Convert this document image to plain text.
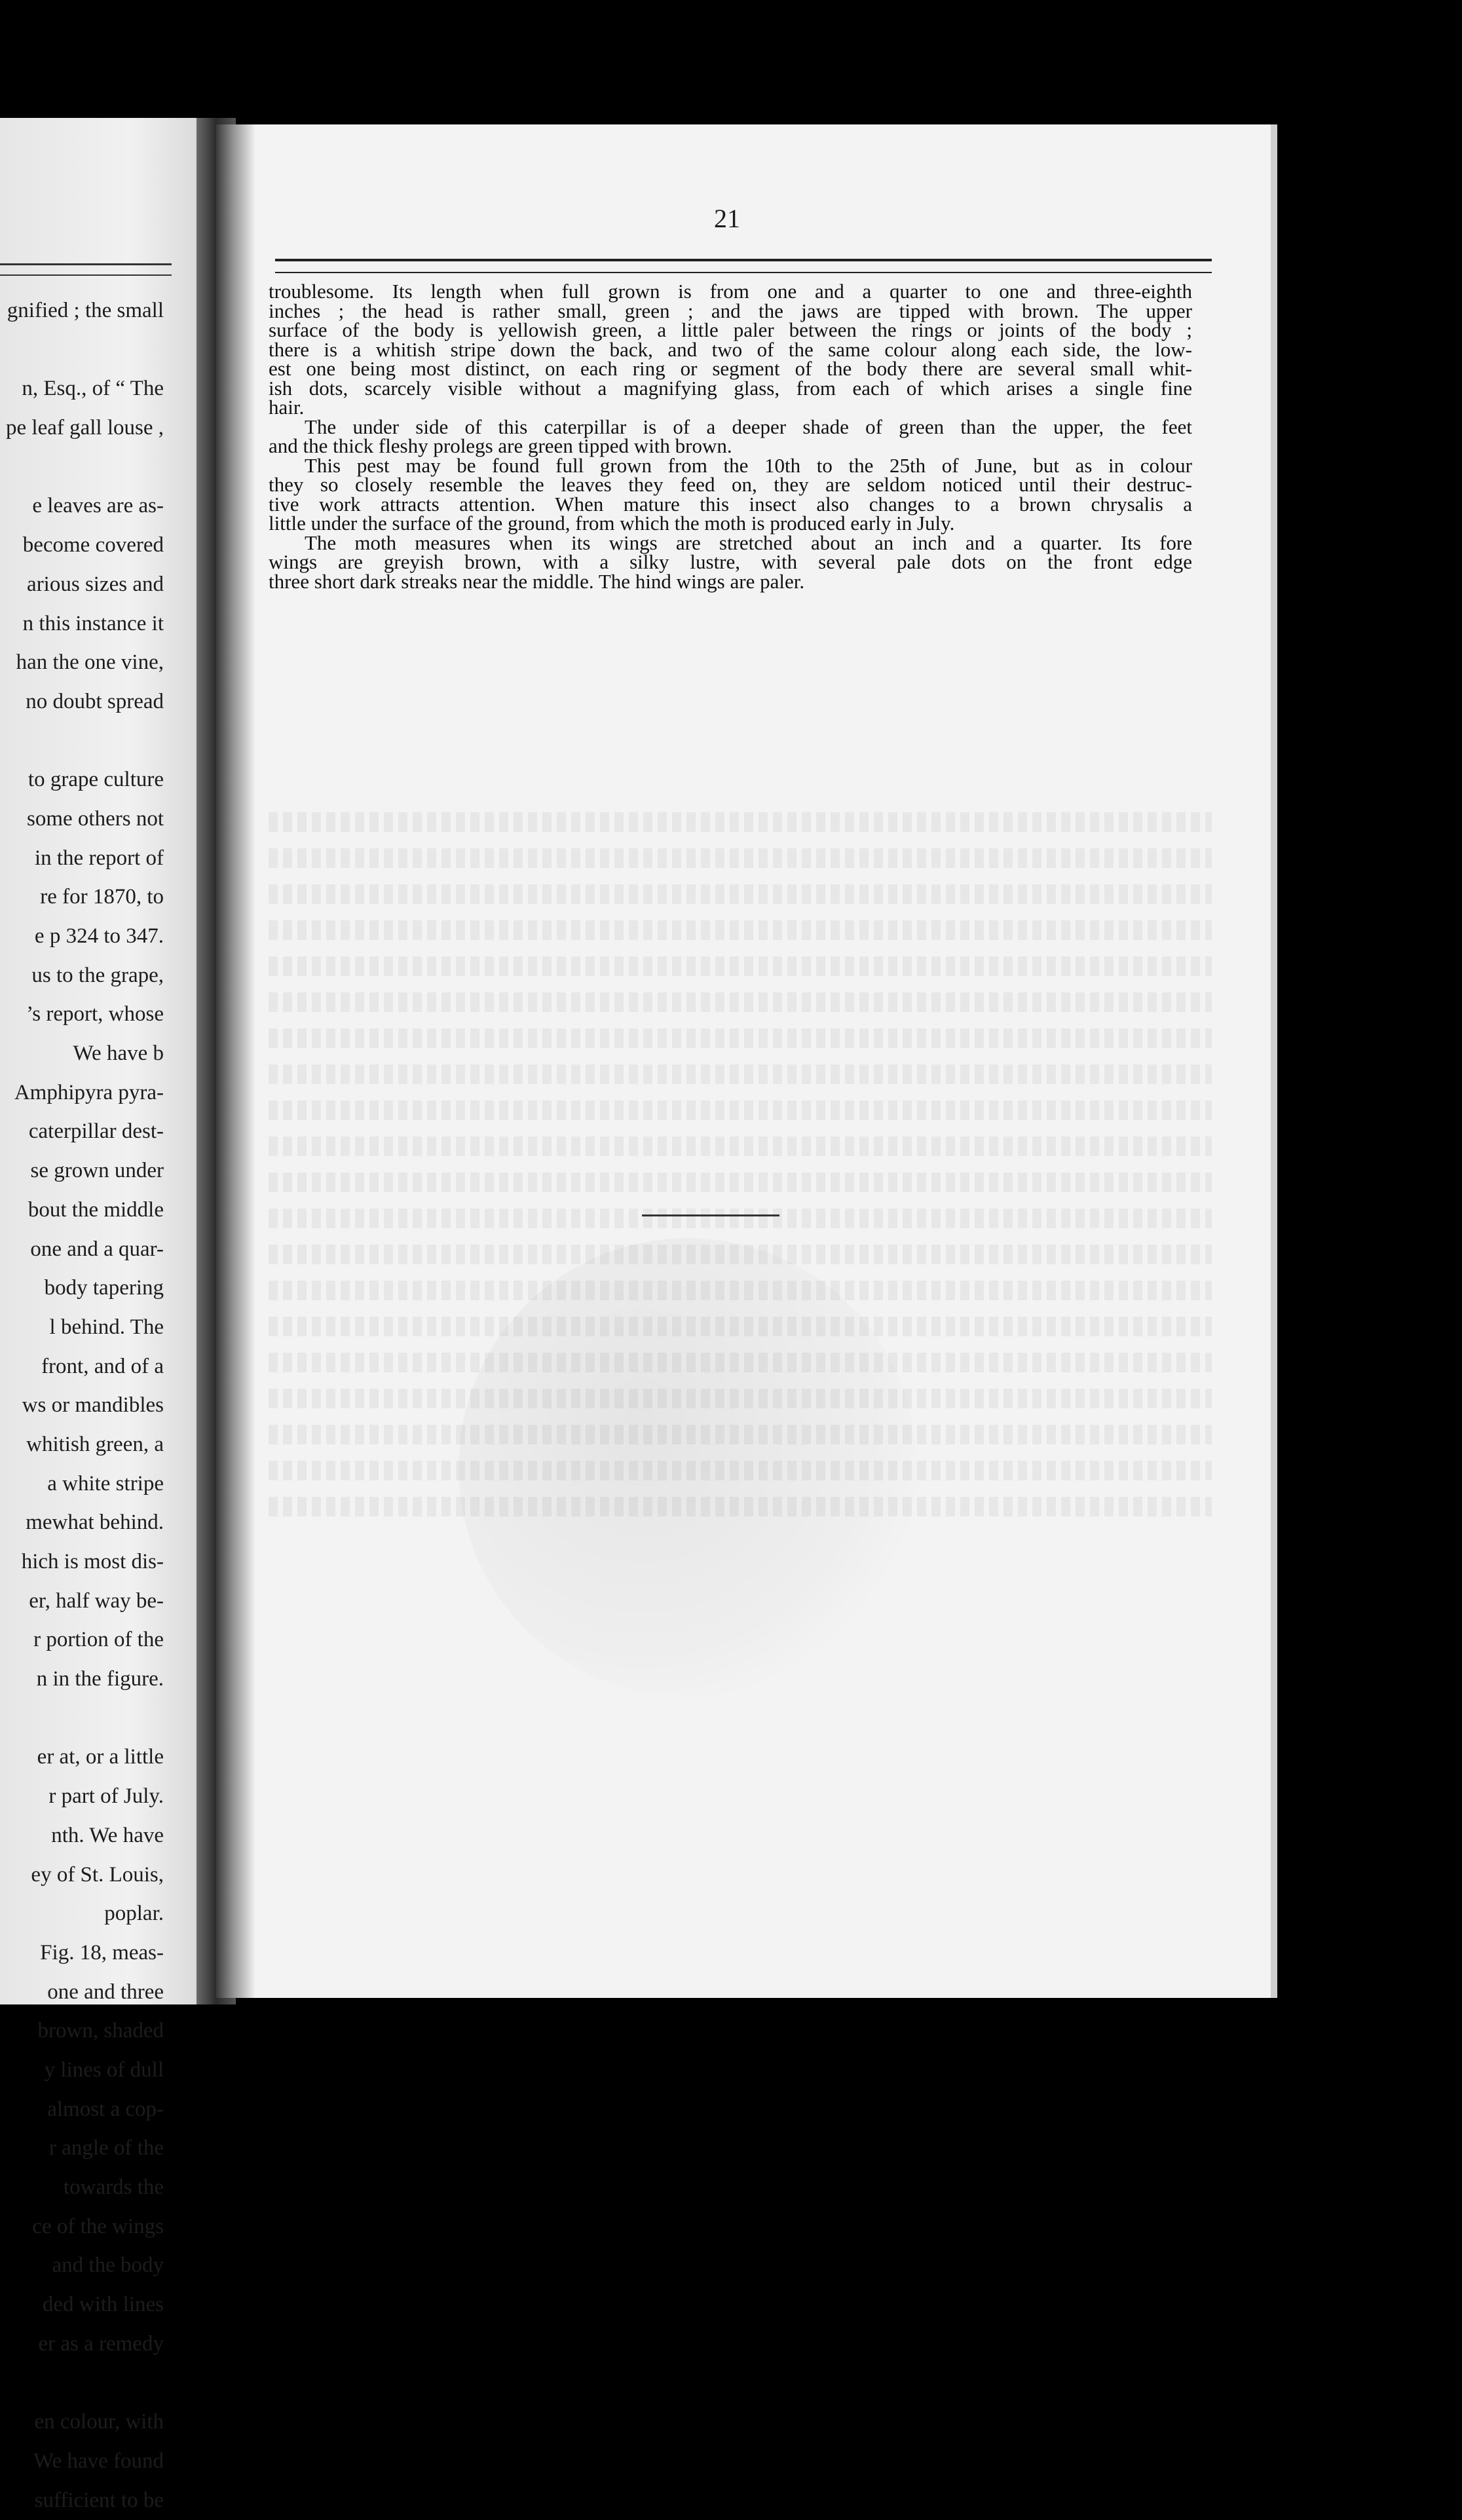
gnified ; the small
n, Esq., of “ The
pe leaf gall louse ,
e leaves are as-
become covered
arious sizes and
n this instance it
han the one vine,
no doubt spread
to grape culture
some others not
in the report of
re for 1870, to
e p 324 to 347.
us to the grape,
’s report, whose
We have b
Amphipyra pyra-
caterpillar dest-
se grown under
bout the middle
one and a quar-
body tapering
l behind. The
front, and of a
ws or mandibles
whitish green, a
a white stripe
mewhat behind.
hich is most dis-
er, half way be-
r portion of the
n in the figure.
er at, or a little
r part of July.
nth. We have
ey of St. Louis,
poplar.
Fig. 18, meas-
one and three
brown, shaded
y lines of dull
almost a cop-
r angle of the
towards the
ce of the wings
and the body
ded with lines
er as a remedy
en colour, with
We have found
sufficient to be
21
troublesome. Its length when full grown is from one and a quarter to one and three-eighth
inches ; the head is rather small, green ; and the jaws are tipped with brown. The upper
surface of the body is yellowish green, a little paler between the rings or joints of the body ;
there is a whitish stripe down the back, and two of the same colour along each side, the low-
est one being most distinct, on each ring or segment of the body there are several small whit-
ish dots, scarcely visible without a magnifying glass, from each of which arises a single fine
hair.
The under side of this caterpillar is of a deeper shade of green than the upper, the feet
and the thick fleshy prolegs are green tipped with brown.
This pest may be found full grown from the 10th to the 25th of June, but as in colour
they so closely resemble the leaves they feed on, they are seldom noticed until their destruc-
tive work attracts attention. When mature this insect also changes to a brown chrysalis a
little under the surface of the ground, from which the moth is produced early in July.
The moth measures when its wings are stretched about an inch and a quarter. Its fore
wings are greyish brown, with a silky lustre, with several pale dots on the front edge
three short dark streaks near the middle. The hind wings are paler.
